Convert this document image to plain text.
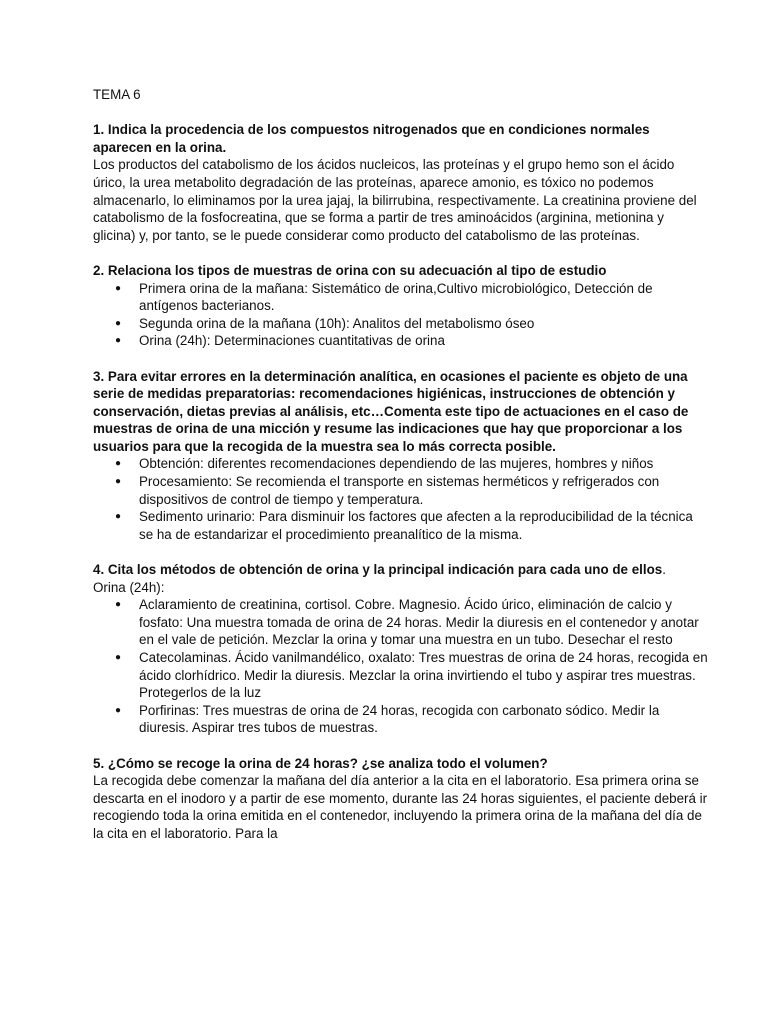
TEMA 6

1. Indica la procedencia de los compuestos nitrogenados que en condiciones normales aparecen en la orina.

Los productos del catabolismo de los ácidos nucleicos, las proteínas y el grupo hemo son el ácido úrico, la urea metabolito degradación de las proteínas, aparece amonio, es tóxico no podemos almacenarlo, lo eliminamos por la urea jajaj, la bilirrubina, respectivamente. La creatinina proviene del catabolismo de la fosfocreatina, que se forma a partir de tres aminoácidos (arginina, metionina y glicina) y, por tanto, se le puede considerar como producto del catabolismo de las proteínas.

2. Relaciona los tipos de muestras de orina con su adecuación al tipo de estudio

● Primera orina de la mañana: Sistemático de orina,Cultivo microbiológico, Detección de antígenos bacterianos.
● Segunda orina de la mañana (10h): Analitos del metabolismo óseo
● Orina (24h): Determinaciones cuantitativas de orina

3. Para evitar errores en la determinación analítica, en ocasiones el paciente es objeto de una serie de medidas preparatorias: recomendaciones higiénicas, instrucciones de obtención y conservación, dietas previas al análisis, etc…Comenta este tipo de actuaciones en el caso de muestras de orina de una micción y resume las indicaciones que hay que proporcionar a los usuarios para que la recogida de la muestra sea lo más correcta posible.

● Obtención: diferentes recomendaciones dependiendo de las mujeres, hombres y niños
● Procesamiento: Se recomienda el transporte en sistemas herméticos y refrigerados con dispositivos de control de tiempo y temperatura.
● Sedimento urinario: Para disminuir los factores que afecten a la reproducibilidad de la técnica se ha de estandarizar el procedimiento preanalítico de la misma.

4. Cita los métodos de obtención de orina y la principal indicación para cada uno de ellos.

Orina (24h):

● Aclaramiento de creatinina, cortisol. Cobre. Magnesio. Ácido úrico, eliminación de calcio y fosfato: Una muestra tomada de orina de 24 horas. Medir la diuresis en el contenedor y anotar en el vale de petición. Mezclar la orina y tomar una muestra en un tubo. Desechar el resto
● Catecolaminas. Ácido vanilmandélico, oxalato: Tres muestras de orina de 24 horas, recogida en ácido clorhídrico. Medir la diuresis. Mezclar la orina invirtiendo el tubo y aspirar tres muestras. Protegerlos de la luz
● Porfirinas: Tres muestras de orina de 24 horas, recogida con carbonato sódico. Medir la diuresis. Aspirar tres tubos de muestras.

5. ¿Cómo se recoge la orina de 24 horas? ¿se analiza todo el volumen?

La recogida debe comenzar la mañana del día anterior a la cita en el laboratorio. Esa primera orina se descarta en el inodoro y a partir de ese momento, durante las 24 horas siguientes, el paciente deberá ir recogiendo toda la orina emitida en el contenedor, incluyendo la primera orina de la mañana del día de la cita en el laboratorio. Para la
